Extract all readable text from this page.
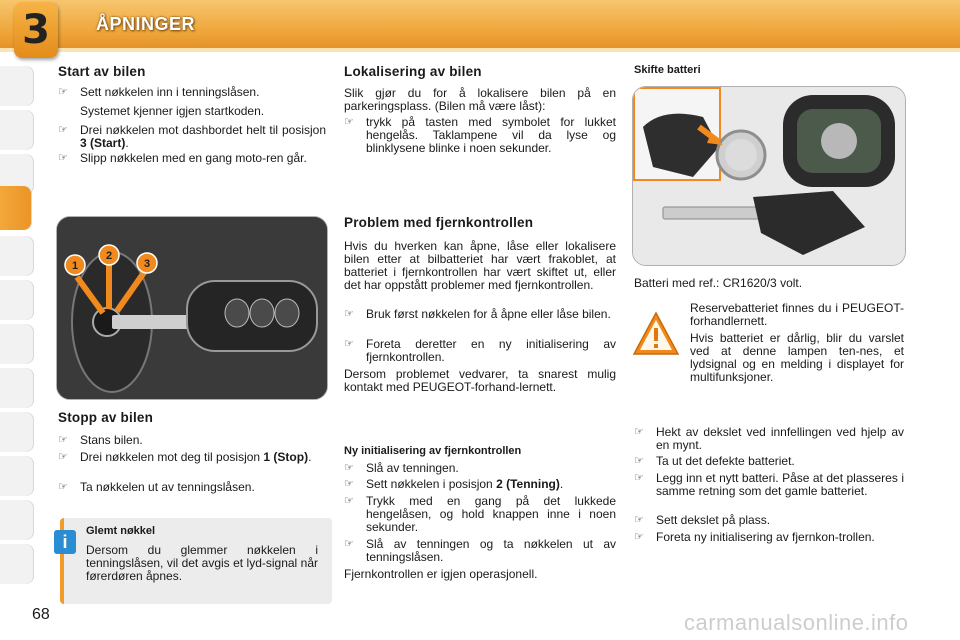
3	ÅPNINGER
68
Start av bilen
☞ Sett nøkkelen inn i tenningslåsen.
Systemet kjenner igjen startkoden.
☞ Drei nøkkelen mot dashbordet helt til posisjon 3 (Start).
☞ Slipp nøkkelen med en gang moto-ren går.
1
2
3
Stopp av bilen
☞ Stans bilen.
☞ Drei nøkkelen mot deg til posisjon 1 (Stop).
☞ Ta nøkkelen ut av tenningslåsen.
i
Glemt nøkkel

Dersom du glemmer nøkkelen i tenningslåsen, vil det avgis et lyd-signal når førerdøren åpnes.

Lokalisering av bilen

Slik gjør du for å lokalisere bilen på en parkeringsplass. (Bilen må være låst):

☞ trykk på tasten med symbolet for lukket hengelås. Taklampene vil da lyse og blinklysene blinke i noen sekunder.
Problem med fjernkontrollen

Hvis du hverken kan åpne, låse eller lokalisere bilen etter at bilbatteriet har vært frakoblet, at batteriet i fjernkontrollen har vært skiftet ut, eller det har oppstått problemer med fjernkontrollen.

☞ Bruk først nøkkelen for å åpne eller låse bilen.
☞ Foreta deretter en ny initialisering av fjernkontrollen.

Dersom problemet vedvarer, ta snarest mulig kontakt med PEUGEOT-forhand-lernett.

Ny initialisering av fjernkontrollen
☞ Slå av tenningen.
☞ Sett nøkkelen i posisjon 2 (Tenning).
☞ Trykk med en gang på det lukkede hengelåsen, og hold knappen inne i noen sekunder.
☞ Slå av tenningen og ta nøkkelen ut av tenningslåsen.

Fjernkontrollen er igjen operasjonell.

Skifte batteri

Batteri med ref.: CR1620/3 volt.

Reservebatteriet finnes du i PEUGEOT-forhandlernett.

Hvis batteriet er dårlig, blir du varslet ved at denne lampen ten-nes, et lydsignal og en melding i displayet for multifunksjoner.

☞ Hekt av dekslet ved innfellingen ved hjelp av en mynt.
☞ Ta ut det defekte batteriet.
☞ Legg inn et nytt batteri. Påse at det plasseres i samme retning som det gamle batteriet.
☞ Sett dekslet på plass.
☞ Foreta ny initialisering av fjernkon-trollen.
carmanualsonline.info
